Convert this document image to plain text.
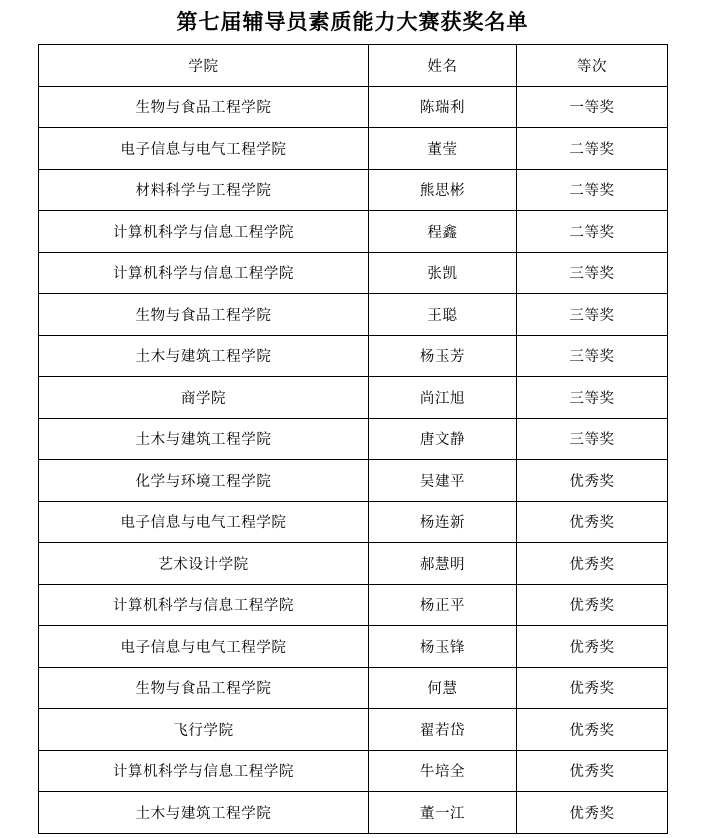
第七届辅导员素质能力大赛获奖名单
学院	姓名	等次
生物与食品工程学院	陈瑞利	一等奖
电子信息与电气工程学院	董莹	二等奖
材料科学与工程学院	熊思彬	二等奖
计算机科学与信息工程学院	程鑫	二等奖
计算机科学与信息工程学院	张凯	三等奖
生物与食品工程学院	王聪	三等奖
土木与建筑工程学院	杨玉芳	三等奖
商学院	尚江旭	三等奖
土木与建筑工程学院	唐文静	三等奖
化学与环境工程学院	吴建平	优秀奖
电子信息与电气工程学院	杨连新	优秀奖
艺术设计学院	郝慧明	优秀奖
计算机科学与信息工程学院	杨正平	优秀奖
电子信息与电气工程学院	杨玉锋	优秀奖
生物与食品工程学院	何慧	优秀奖
飞行学院	翟若岱	优秀奖
计算机科学与信息工程学院	牛培全	优秀奖
土木与建筑工程学院	董一江	优秀奖
